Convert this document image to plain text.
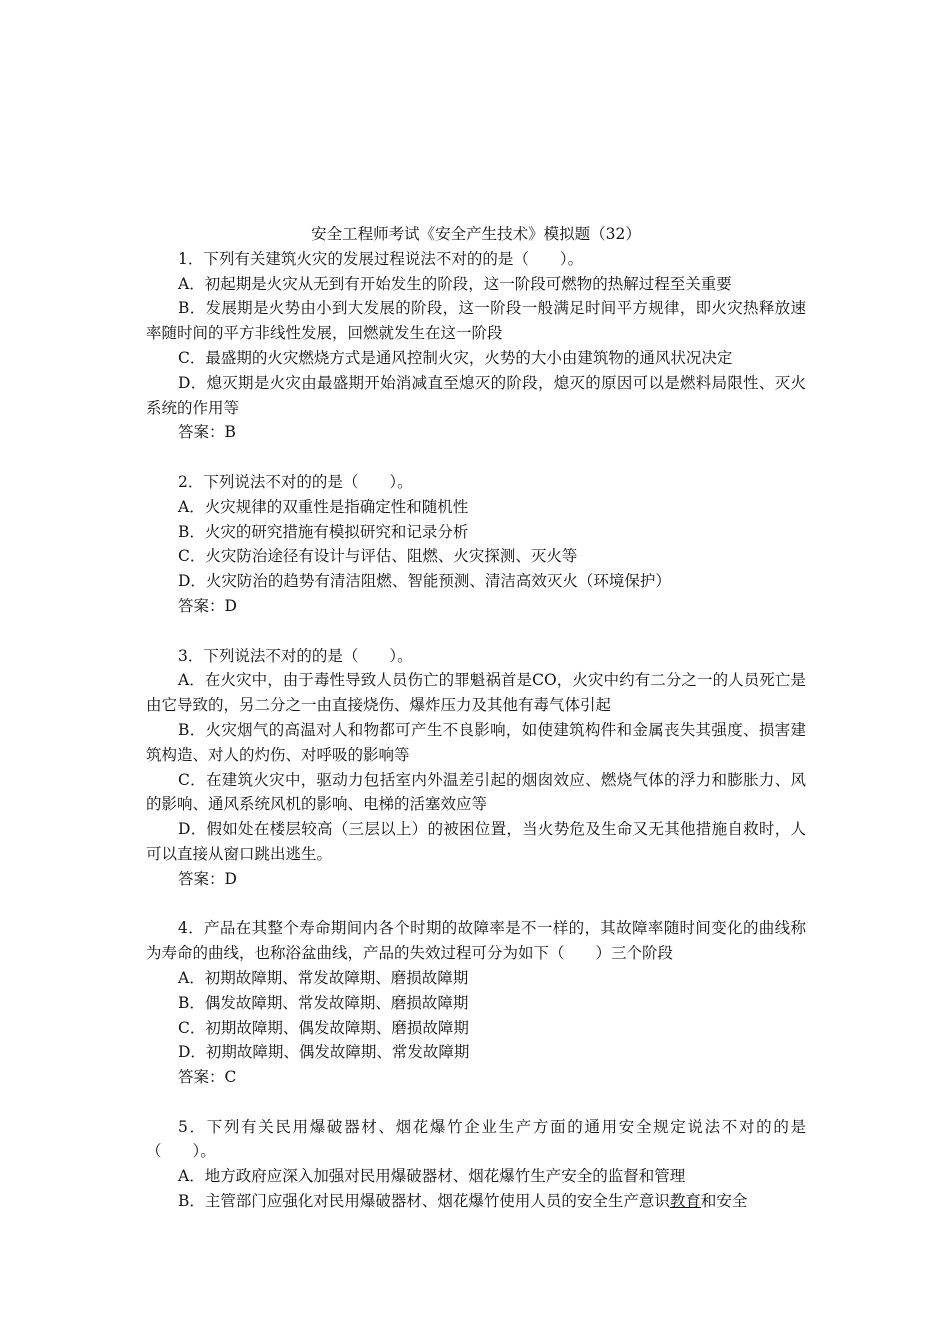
安全工程师考试《安全产生技术》模拟题（32）

1．下列有关建筑火灾的发展过程说法不对的的是（　　）。

A．初起期是火灾从无到有开始发生的阶段，这一阶段可燃物的热解过程至关重要

B．发展期是火势由小到大发展的阶段，这一阶段一般满足时间平方规律，即火灾热释放速率随时间的平方非线性发展，回燃就发生在这一阶段

C．最盛期的火灾燃烧方式是通风控制火灾，火势的大小由建筑物的通风状况决定

D．熄灭期是火灾由最盛期开始消减直至熄灭的阶段，熄灭的原因可以是燃料局限性、灭火系统的作用等

答案：B

2．下列说法不对的的是（　　）。

A．火灾规律的双重性是指确定性和随机性

B．火灾的研究措施有模拟研究和记录分析

C．火灾防治途径有设计与评估、阻燃、火灾探测、灭火等

D．火灾防治的趋势有清洁阻燃、智能预测、清洁高效灭火（环境保护）

答案：D

3．下列说法不对的的是（　　）。

A．在火灾中，由于毒性导致人员伤亡的罪魁祸首是CO，火灾中约有二分之一的人员死亡是由它导致的，另二分之一由直接烧伤、爆炸压力及其他有毒气体引起

B．火灾烟气的高温对人和物都可产生不良影响，如使建筑构件和金属丧失其强度、损害建筑构造、对人的灼伤、对呼吸的影响等

C．在建筑火灾中，驱动力包括室内外温差引起的烟囱效应、燃烧气体的浮力和膨胀力、风的影响、通风系统风机的影响、电梯的活塞效应等

D．假如处在楼层较高（三层以上）的被困位置，当火势危及生命又无其他措施自救时，人可以直接从窗口跳出逃生。

答案：D

4．产品在其整个寿命期间内各个时期的故障率是不一样的，其故障率随时间变化的曲线称为寿命的曲线，也称浴盆曲线，产品的失效过程可分为如下（　　）三个阶段

A．初期故障期、常发故障期、磨损故障期

B．偶发故障期、常发故障期、磨损故障期

C．初期故障期、偶发故障期、磨损故障期

D．初期故障期、偶发故障期、常发故障期

答案：C

5．下列有关民用爆破器材、烟花爆竹企业生产方面的通用安全规定说法不对的的是（　　）。

A．地方政府应深入加强对民用爆破器材、烟花爆竹生产安全的监督和管理

B．主管部门应强化对民用爆破器材、烟花爆竹使用人员的安全生产意识教育和安全
